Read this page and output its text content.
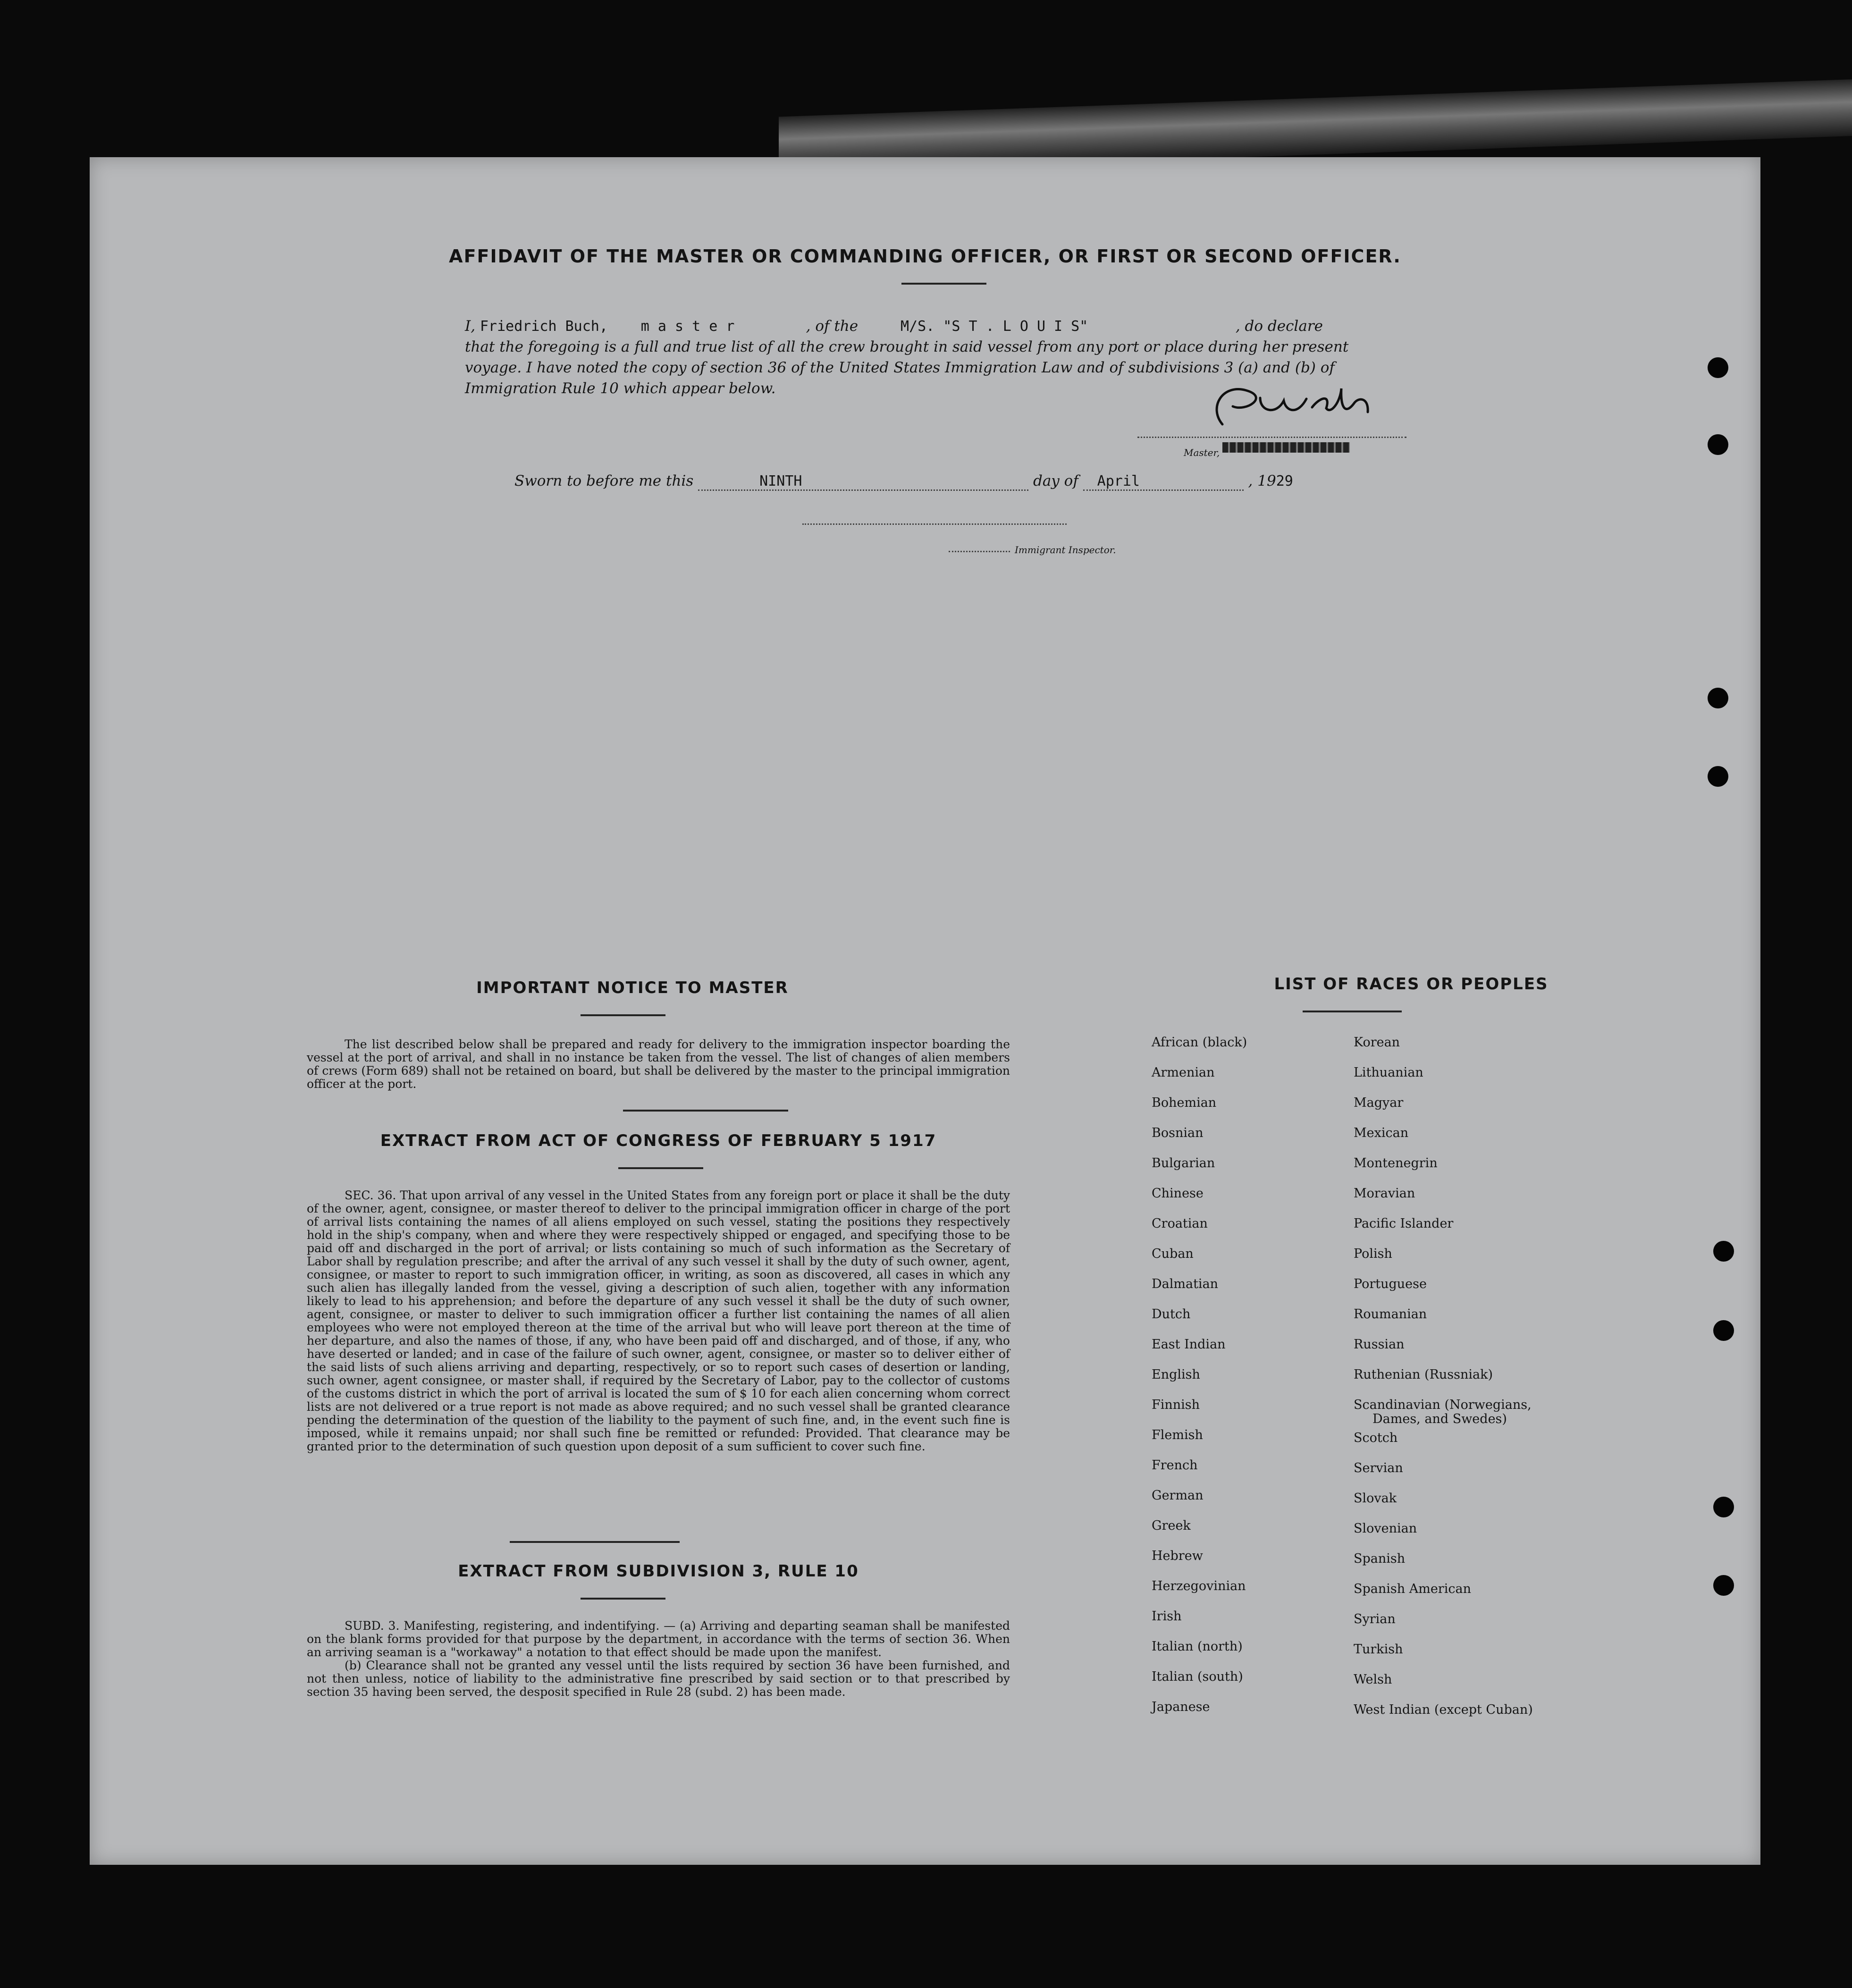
AFFIDAVIT OF THE MASTER OR COMMANDING OFFICER, OR FIRST OR SECOND OFFICER.
I, Friedrich Buch, m a s t e r	, of the	M/S. "S T . L O U I S"	, do declare
that the foregoing is a full and true list of all the crew brought in said vessel from any port or place during her present
voyage. I have noted the copy of section 36 of the United States Immigration Law and of subdivisions 3 (a) and (b) of
Immigration Rule 10 which appear below.
Master,
Sworn to before me this	NINTH	day of April	, 1929
Immigrant Inspector.
IMPORTANT NOTICE TO MASTER

The list described below shall be prepared and ready for delivery to the immigration inspector boarding the vessel at the port of arrival, and shall in no instance be taken from the vessel. The list of changes of alien members of crews (Form 689) shall not be retained on board, but shall be delivered by the master to the principal immigration officer at the port.

EXTRACT FROM ACT OF CONGRESS OF FEBRUARY 5 1917

SEC. 36. That upon arrival of any vessel in the United States from any foreign port or place it shall be the duty of the owner, agent, consignee, or master thereof to deliver to the principal immigration officer in charge of the port of arrival lists containing the names of all aliens employed on such vessel, stating the positions they respectively hold in the ship's company, when and where they were respectively shipped or engaged, and specifying those to be paid off and discharged in the port of arrival; or lists containing so much of such information as the Secretary of Labor shall by regulation prescribe; and after the arrival of any such vessel it shall by the duty of such owner, agent, consignee, or master to report to such immigration officer, in writing, as soon as discovered, all cases in which any such alien has illegally landed from the vessel, giving a description of such alien, together with any information likely to lead to his apprehension; and before the departure of any such vessel it shall be the duty of such owner, agent, consignee, or master to deliver to such immigration officer a further list containing the names of all alien employees who were not employed thereon at the time of the arrival but who will leave port thereon at the time of her departure, and also the names of those, if any, who have been paid off and discharged, and of those, if any, who have deserted or landed; and in case of the failure of such owner, agent, consignee, or master so to deliver either of the said lists of such aliens arriving and departing, respectively, or so to report such cases of desertion or landing, such owner, agent consignee, or master shall, if required by the Secretary of Labor, pay to the collector of customs of the customs district in which the port of arrival is located the sum of $ 10 for each alien concerning whom correct lists are not delivered or a true report is not made as above required; and no such vessel shall be granted clearance pending the determination of the question of the liability to the payment of such fine, and, in the event such fine is imposed, while it remains unpaid; nor shall such fine be remitted or refunded: Provided. That clearance may be granted prior to the determination of such question upon deposit of a sum sufficient to cover such fine.

EXTRACT FROM SUBDIVISION 3, RULE 10

SUBD. 3. Manifesting, registering, and indentifying. — (a) Arriving and departing seaman shall be manifested on the blank forms provided for that purpose by the department, in accordance with the terms of section 36. When an arriving seaman is a "workaway" a notation to that effect should be made upon the manifest.

(b) Clearance shall not be granted any vessel until the lists required by section 36 have been furnished, and not then unless, notice of liability to the administrative fine prescribed by said section or to that prescribed by section 35 having been served, the desposit specified in Rule 28 (subd. 2) has been made.

LIST OF RACES OR PEOPLES
African (black)
Armenian
Bohemian
Bosnian
Bulgarian
Chinese
Croatian
Cuban
Dalmatian
Dutch
East Indian
English
Finnish
Flemish
French
German
Greek
Hebrew
Herzegovinian
Irish
Italian (north)
Italian (south)
Japanese
Korean
Lithuanian
Magyar
Mexican
Montenegrin
Moravian
Pacific Islander
Polish
Portuguese
Roumanian
Russian
Ruthenian (Russniak)
Scandinavian (Norwegians,
Dames, and Swedes)
Scotch
Servian
Slovak
Slovenian
Spanish
Spanish American
Syrian
Turkish
Welsh
West Indian (except Cuban)
